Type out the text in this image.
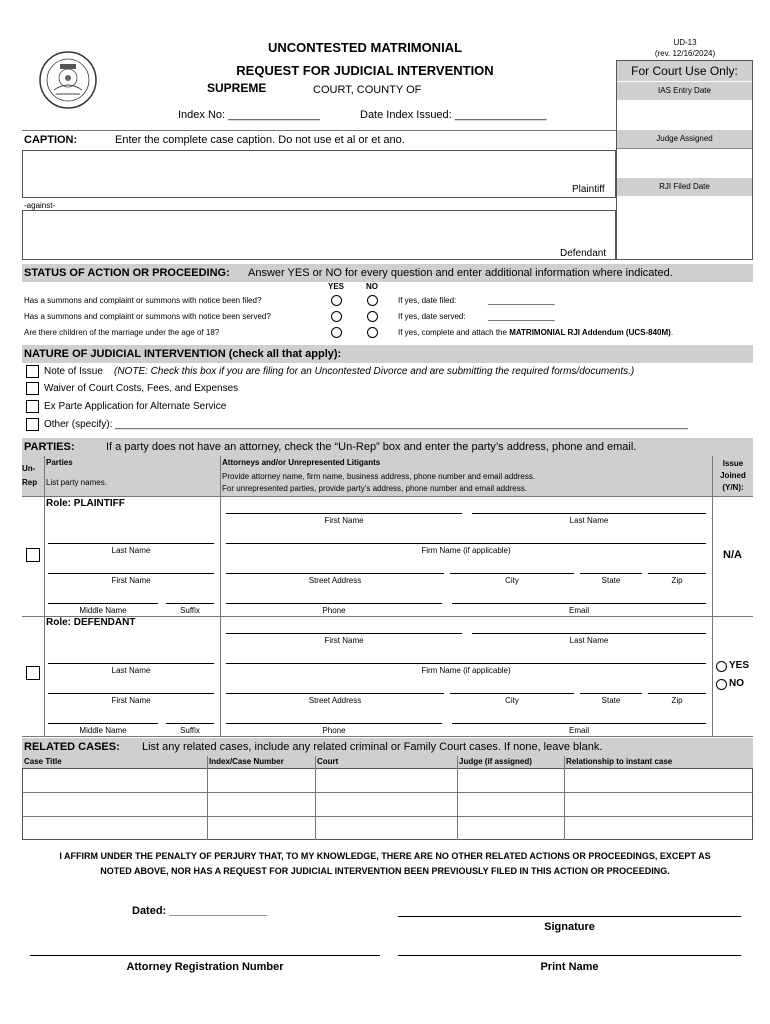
UD-13
(rev. 12/16/2024)
UNCONTESTED MATRIMONIAL
REQUEST FOR JUDICIAL INTERVENTION
SUPREME	COURT, COUNTY OF
Index No: _______________	Date Index Issued: _______________
For Court Use Only:
IAS Entry Date
Judge Assigned
RJI Filed Date
CAPTION:	Enter the complete case caption. Do not use et al or et ano.
Plaintiff
-against-
Defendant
STATUS OF ACTION OR PROCEEDING: Answer YES or NO for every question and enter additional information where indicated.
YES	NO
Has a summons and complaint or summons with notice been filed?	If yes, date filed:	_______________
Has a summons and complaint or summons with notice been served?	If yes, date served:	_______________
Are there children of the marriage under the age of 18?	If yes, complete and attach the MATRIMONIAL RJI Addendum (UCS-840M).
NATURE OF JUDICIAL INTERVENTION (check all that apply):
Note of Issue (NOTE: Check this box if you are filing for an Uncontested Divorce and are submitting the required forms/documents.)
Waiver of Court Costs, Fees, and Expenses
Ex Parte Application for Alternate Service
Other (specify): _______________________________________________________________________________________________________
PARTIES:	If a party does not have an attorney, check the “Un-Rep” box and enter the party’s address, phone and email.
Un-Rep
Parties
List party names.
Attorneys and/or Unrepresented Litigants
Provide attorney name, firm name, business address, phone number and email address.
For unrepresented parties, provide party’s address, phone number and email address.
Issue Joined (Y/N):
Role: PLAINTIFF
Last Name
First Name
Middle Name	Suffix
First Name	Last Name
Firm Name (if applicable)
Street Address	City	State	Zip
Phone	Email
N/A
Role: DEFENDANT
Last Name
First Name
Middle Name	Suffix
First Name	Last Name
Firm Name (if applicable)
Street Address	City	State	Zip
Phone	Email
YES
NO
RELATED CASES: List any related cases, include any related criminal or Family Court cases. If none, leave blank.
Case Title	Index/Case Number	Court	Judge (if assigned)	Relationship to instant case
I AFFIRM UNDER THE PENALTY OF PERJURY THAT, TO MY KNOWLEDGE, THERE ARE NO OTHER RELATED ACTIONS OR PROCEEDINGS, EXCEPT AS
NOTED ABOVE, NOR HAS A REQUEST FOR JUDICIAL INTERVENTION BEEN PREVIOUSLY FILED IN THIS ACTION OR PROCEEDING.
Dated: ________________
Signature
Attorney Registration Number	Print Name
